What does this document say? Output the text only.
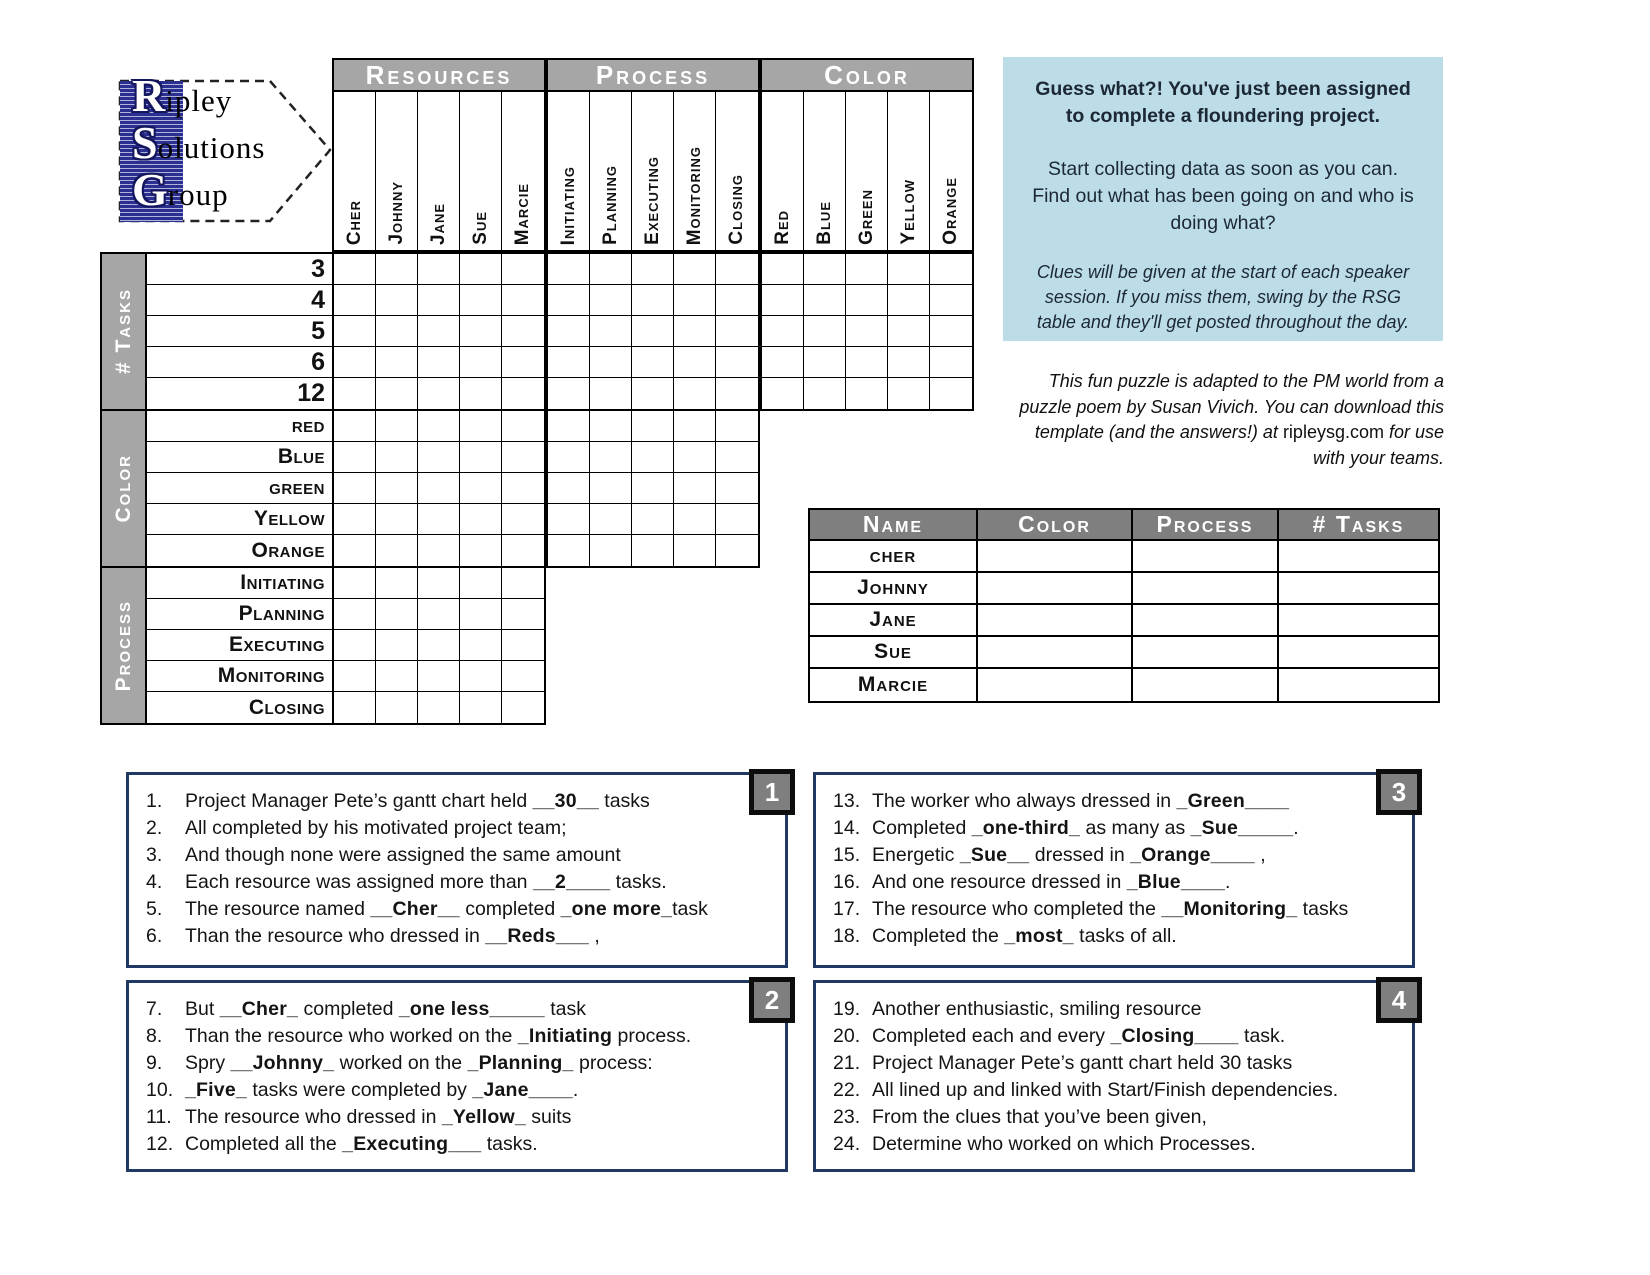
R ipley
S olutions
G roup
Resources
Cher Johnny Jane Sue Marcie
Process
Initiating Planning Executing Monitoring Closing
Color
Red Blue Green Yellow Orange
# Tasks
3
4
5
6
12
Color
red
Blue
green
Yellow
Orange
Process
Initiating
Planning
Executing
Monitoring
Closing
Guess what?! You've just been assigned to complete a floundering project.
Start collecting data as soon as you can. Find out what has been going on and who is doing what?
Clues will be given at the start of each speaker session. If you miss them, swing by the RSG table and they'll get posted throughout the day.
This fun puzzle is adapted to the PM world from a puzzle poem by Susan Vivich. You can download this template (and the answers!) at ripleysg.com for use with your teams.
Name	Color	Process	# Tasks
cher
Johnny
Jane
Sue
Marcie
1
1.	Project Manager Pete’s gantt chart held __30__ tasks
2.	All completed by his motivated project team;
3.	And though none were assigned the same amount
4.	Each resource was assigned more than __2____ tasks.
5.	The resource named __Cher__ completed _one more_task
6.	Than the resource who dressed in __Reds___ ,
2
7.	But __Cher_ completed _one less_____ task
8.	Than the resource who worked on the _Initiating process.
9.	Spry __Johnny_ worked on the _Planning_ process:
10. _Five_ tasks were completed by _Jane____.
11. The resource who dressed in _Yellow_ suits
12. Completed all the _Executing___ tasks.
3
13. The worker who always dressed in _Green____
14. Completed _one-third_ as many as _Sue_____.
15. Energetic _Sue__ dressed in _Orange____ ,
16. And one resource dressed in _Blue____.
17. The resource who completed the __Monitoring_ tasks
18. Completed the _most_ tasks of all.
4
19. Another enthusiastic, smiling resource
20. Completed each and every _Closing____ task.
21. Project Manager Pete’s gantt chart held 30 tasks
22. All lined up and linked with Start/Finish dependencies.
23. From the clues that you’ve been given,
24. Determine who worked on which Processes.
